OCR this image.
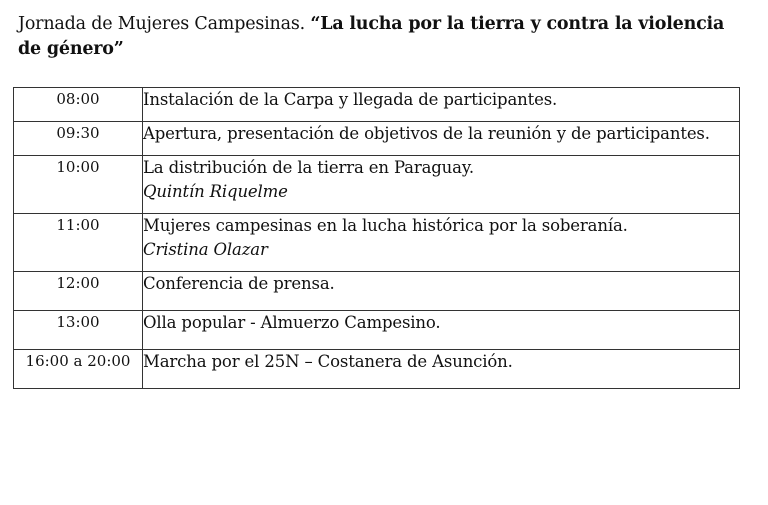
Jornada de Mujeres Campesinas. “La lucha por la tierra y contra la violencia de género”
08:00	Instalación de la Carpa y llegada de participantes.
09:30	Apertura, presentación de objetivos de la reunión y de participantes.
10:00	La distribución de la tierra en Paraguay.
Quintín Riquelme

11:00	Mujeres campesinas en la lucha histórica por la soberanía.
Cristina Olazar

12:00	Conferencia de prensa.
13:00	Olla popular - Almuerzo Campesino.
16:00 a 20:00	Marcha por el 25N – Costanera de Asunción.
